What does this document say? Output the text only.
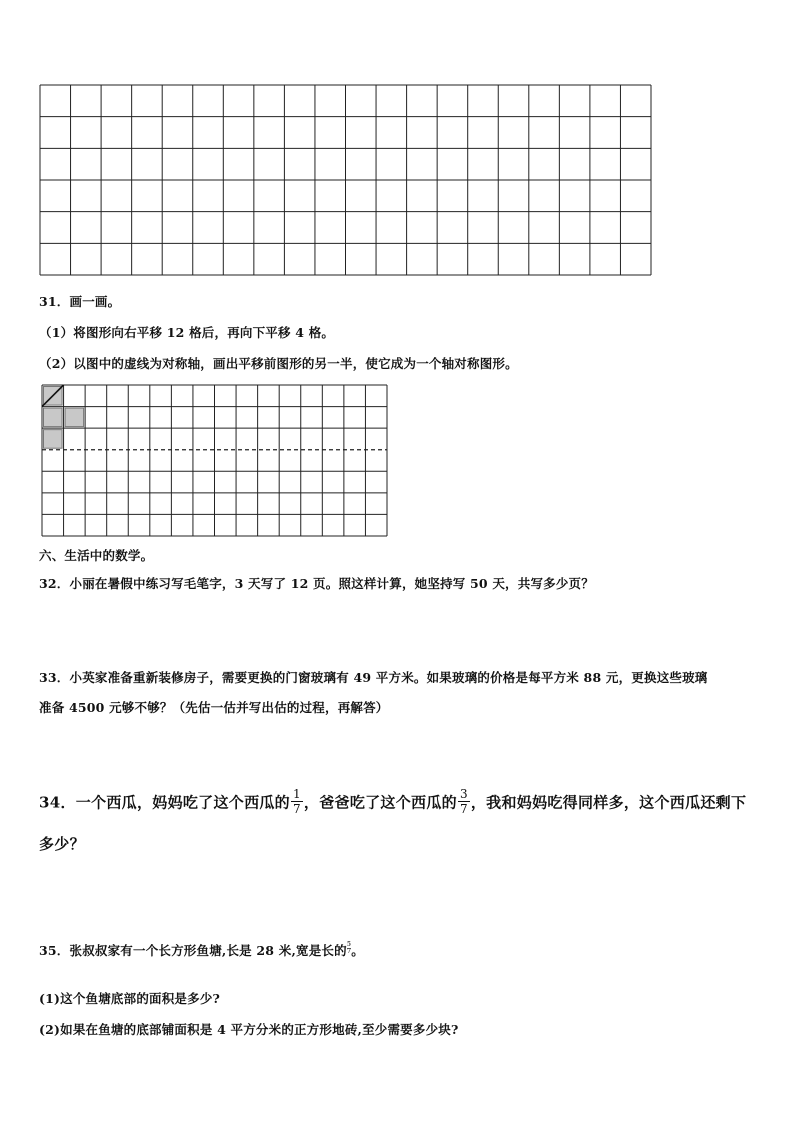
31．画一画。
（1）将图形向右平移 12 格后，再向下平移 4 格。
（2）以图中的虚线为对称轴，画出平移前图形的另一半，使它成为一个轴对称图形。
六、生活中的数学。
32．小丽在暑假中练习写毛笔字，3 天写了 12 页。照这样计算，她坚持写 50 天，共写多少页？
33．小英家准备重新装修房子，需要更换的门窗玻璃有 49 平方米。如果玻璃的价格是每平方米 88 元，更换这些玻璃
准备 4500 元够不够？（先估一估并写出估的过程，再解答）
34．一个西瓜，妈妈吃了这个西瓜的 $\frac{1}{7}$ ，爸爸吃了这个西瓜的 $\frac{3}{7}$ ，我和妈妈吃得同样多，这个西瓜还剩下
多少？
35．张叔叔家有一个长方形鱼塘,长是 28 米,宽是长的 $\frac{5}{7}$ 。
(1)这个鱼塘底部的面积是多少?
(2)如果在鱼塘的底部铺面积是 4 平方分米的正方形地砖,至少需要多少块?
